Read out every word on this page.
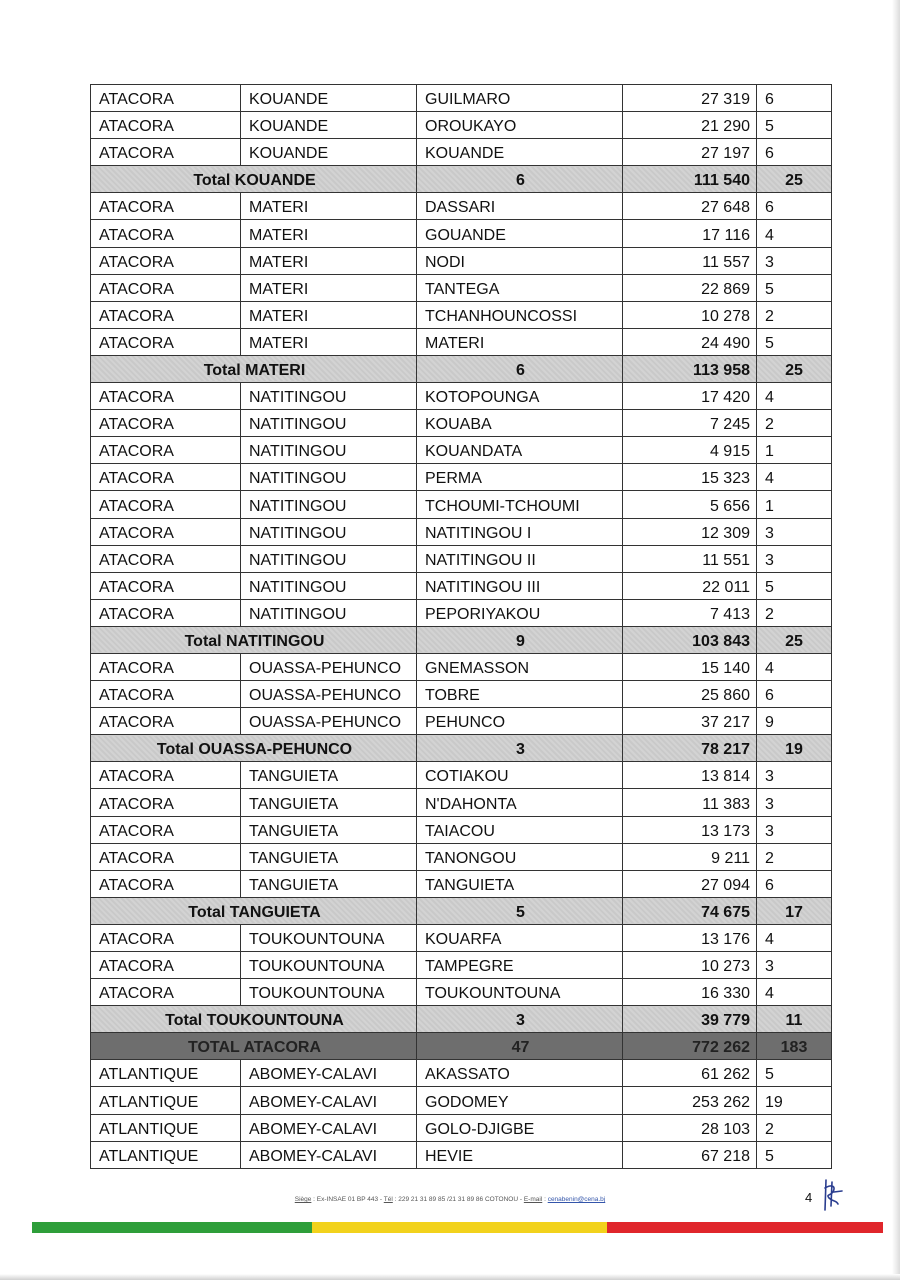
ATACORA	KOUANDE	GUILMARO	27 319	6
ATACORA	KOUANDE	OROUKAYO	21 290	5
ATACORA	KOUANDE	KOUANDE	27 197	6
Total KOUANDE		6	111 540	25
ATACORA	MATERI	DASSARI	27 648	6
ATACORA	MATERI	GOUANDE	17 116	4
ATACORA	MATERI	NODI	11 557	3
ATACORA	MATERI	TANTEGA	22 869	5
ATACORA	MATERI	TCHANHOUNCOSSI	10 278	2
ATACORA	MATERI	MATERI	24 490	5
Total MATERI		6	113 958	25
ATACORA	NATITINGOU	KOTOPOUNGA	17 420	4
ATACORA	NATITINGOU	KOUABA	7 245	2
ATACORA	NATITINGOU	KOUANDATA	4 915	1
ATACORA	NATITINGOU	PERMA	15 323	4
ATACORA	NATITINGOU	TCHOUMI-TCHOUMI	5 656	1
ATACORA	NATITINGOU	NATITINGOU I	12 309	3
ATACORA	NATITINGOU	NATITINGOU II	11 551	3
ATACORA	NATITINGOU	NATITINGOU III	22 011	5
ATACORA	NATITINGOU	PEPORIYAKOU	7 413	2
Total NATITINGOU		9	103 843	25
ATACORA	OUASSA-PEHUNCO	GNEMASSON	15 140	4
ATACORA	OUASSA-PEHUNCO	TOBRE	25 860	6
ATACORA	OUASSA-PEHUNCO	PEHUNCO	37 217	9
Total OUASSA-PEHUNCO		3	78 217	19
ATACORA	TANGUIETA	COTIAKOU	13 814	3
ATACORA	TANGUIETA	N'DAHONTA	11 383	3
ATACORA	TANGUIETA	TAIACOU	13 173	3
ATACORA	TANGUIETA	TANONGOU	9 211	2
ATACORA	TANGUIETA	TANGUIETA	27 094	6
Total TANGUIETA		5	74 675	17
ATACORA	TOUKOUNTOUNA	KOUARFA	13 176	4
ATACORA	TOUKOUNTOUNA	TAMPEGRE	10 273	3
ATACORA	TOUKOUNTOUNA	TOUKOUNTOUNA	16 330	4
Total TOUKOUNTOUNA		3	39 779	11
TOTAL ATACORA		47	772 262	183
ATLANTIQUE	ABOMEY-CALAVI	AKASSATO	61 262	5
ATLANTIQUE	ABOMEY-CALAVI	GODOMEY	253 262	19
ATLANTIQUE	ABOMEY-CALAVI	GOLO-DJIGBE	28 103	2
ATLANTIQUE	ABOMEY-CALAVI	HEVIE	67 218	5
Siège : Ex-INSAE 01 BP 443 - Tél : 229 21 31 89 85 /21 31 89 86 COTONOU - E-mail : cenabenin@cena.bj	4
